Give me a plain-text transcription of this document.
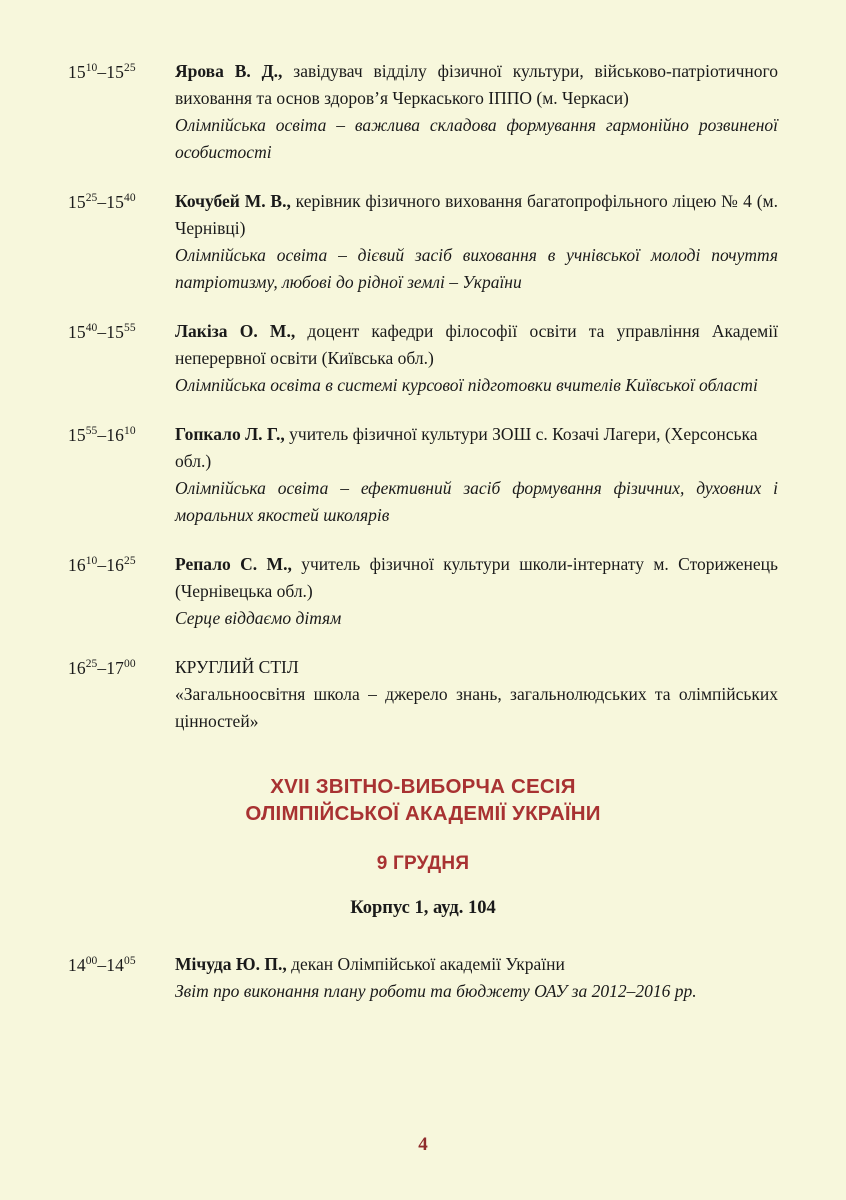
$15^{10}-15^{25}$	Ярова В. Д., завідувач відділу фізичної культури, військово-патріотичного виховання та основ здоров’я Черкаського ІППО (м. Черкаси)

Олімпійська освіта – важлива складова формування гармонійно розвиненої особистості

$15^{25}-15^{40}$	Кочубей М. В., керівник фізичного виховання багатопрофільного ліцею № 4 (м. Чернівці)

Олімпійська освіта – дієвий засіб виховання в учнівської молоді почуття патріотизму, любові до рідної землі – України

$15^{40}-15^{55}$	Лакіза О. М., доцент кафедри філософії освіти та управління Академії неперервної освіти (Київська обл.)

Олімпійська освіта в системі курсової підготовки вчителів Київської області

$15^{55}-16^{10}$	Гопкало Л. Г., учитель фізичної культури ЗОШ с. Козачі Лагери, (Херсонська обл.)

Олімпійська освіта – ефективний засіб формування фізичних, духовних і моральних якостей школярів

$16^{10}-16^{25}$	Репало С. М., учитель фізичної культури школи-інтернату м. Сториженець (Чернівецька обл.)

Серце віддаємо дітям

$16^{25}-17^{00}$	КРУГЛИЙ СТІЛ

«Загальноосвітня школа – джерело знань, загальнолюдських та олімпійських цінностей»

XVII ЗВІТНО-ВИБОРЧА СЕСІЯ
ОЛІМПІЙСЬКОЇ АКАДЕМІЇ УКРАЇНИ
9 ГРУДНЯ
Корпус 1, ауд. 104
$14^{00}-14^{05}$	Мічуда Ю. П., декан Олімпійської академії України

Звіт про виконання плану роботи та бюджету ОАУ за 2012–2016 рр.

4
